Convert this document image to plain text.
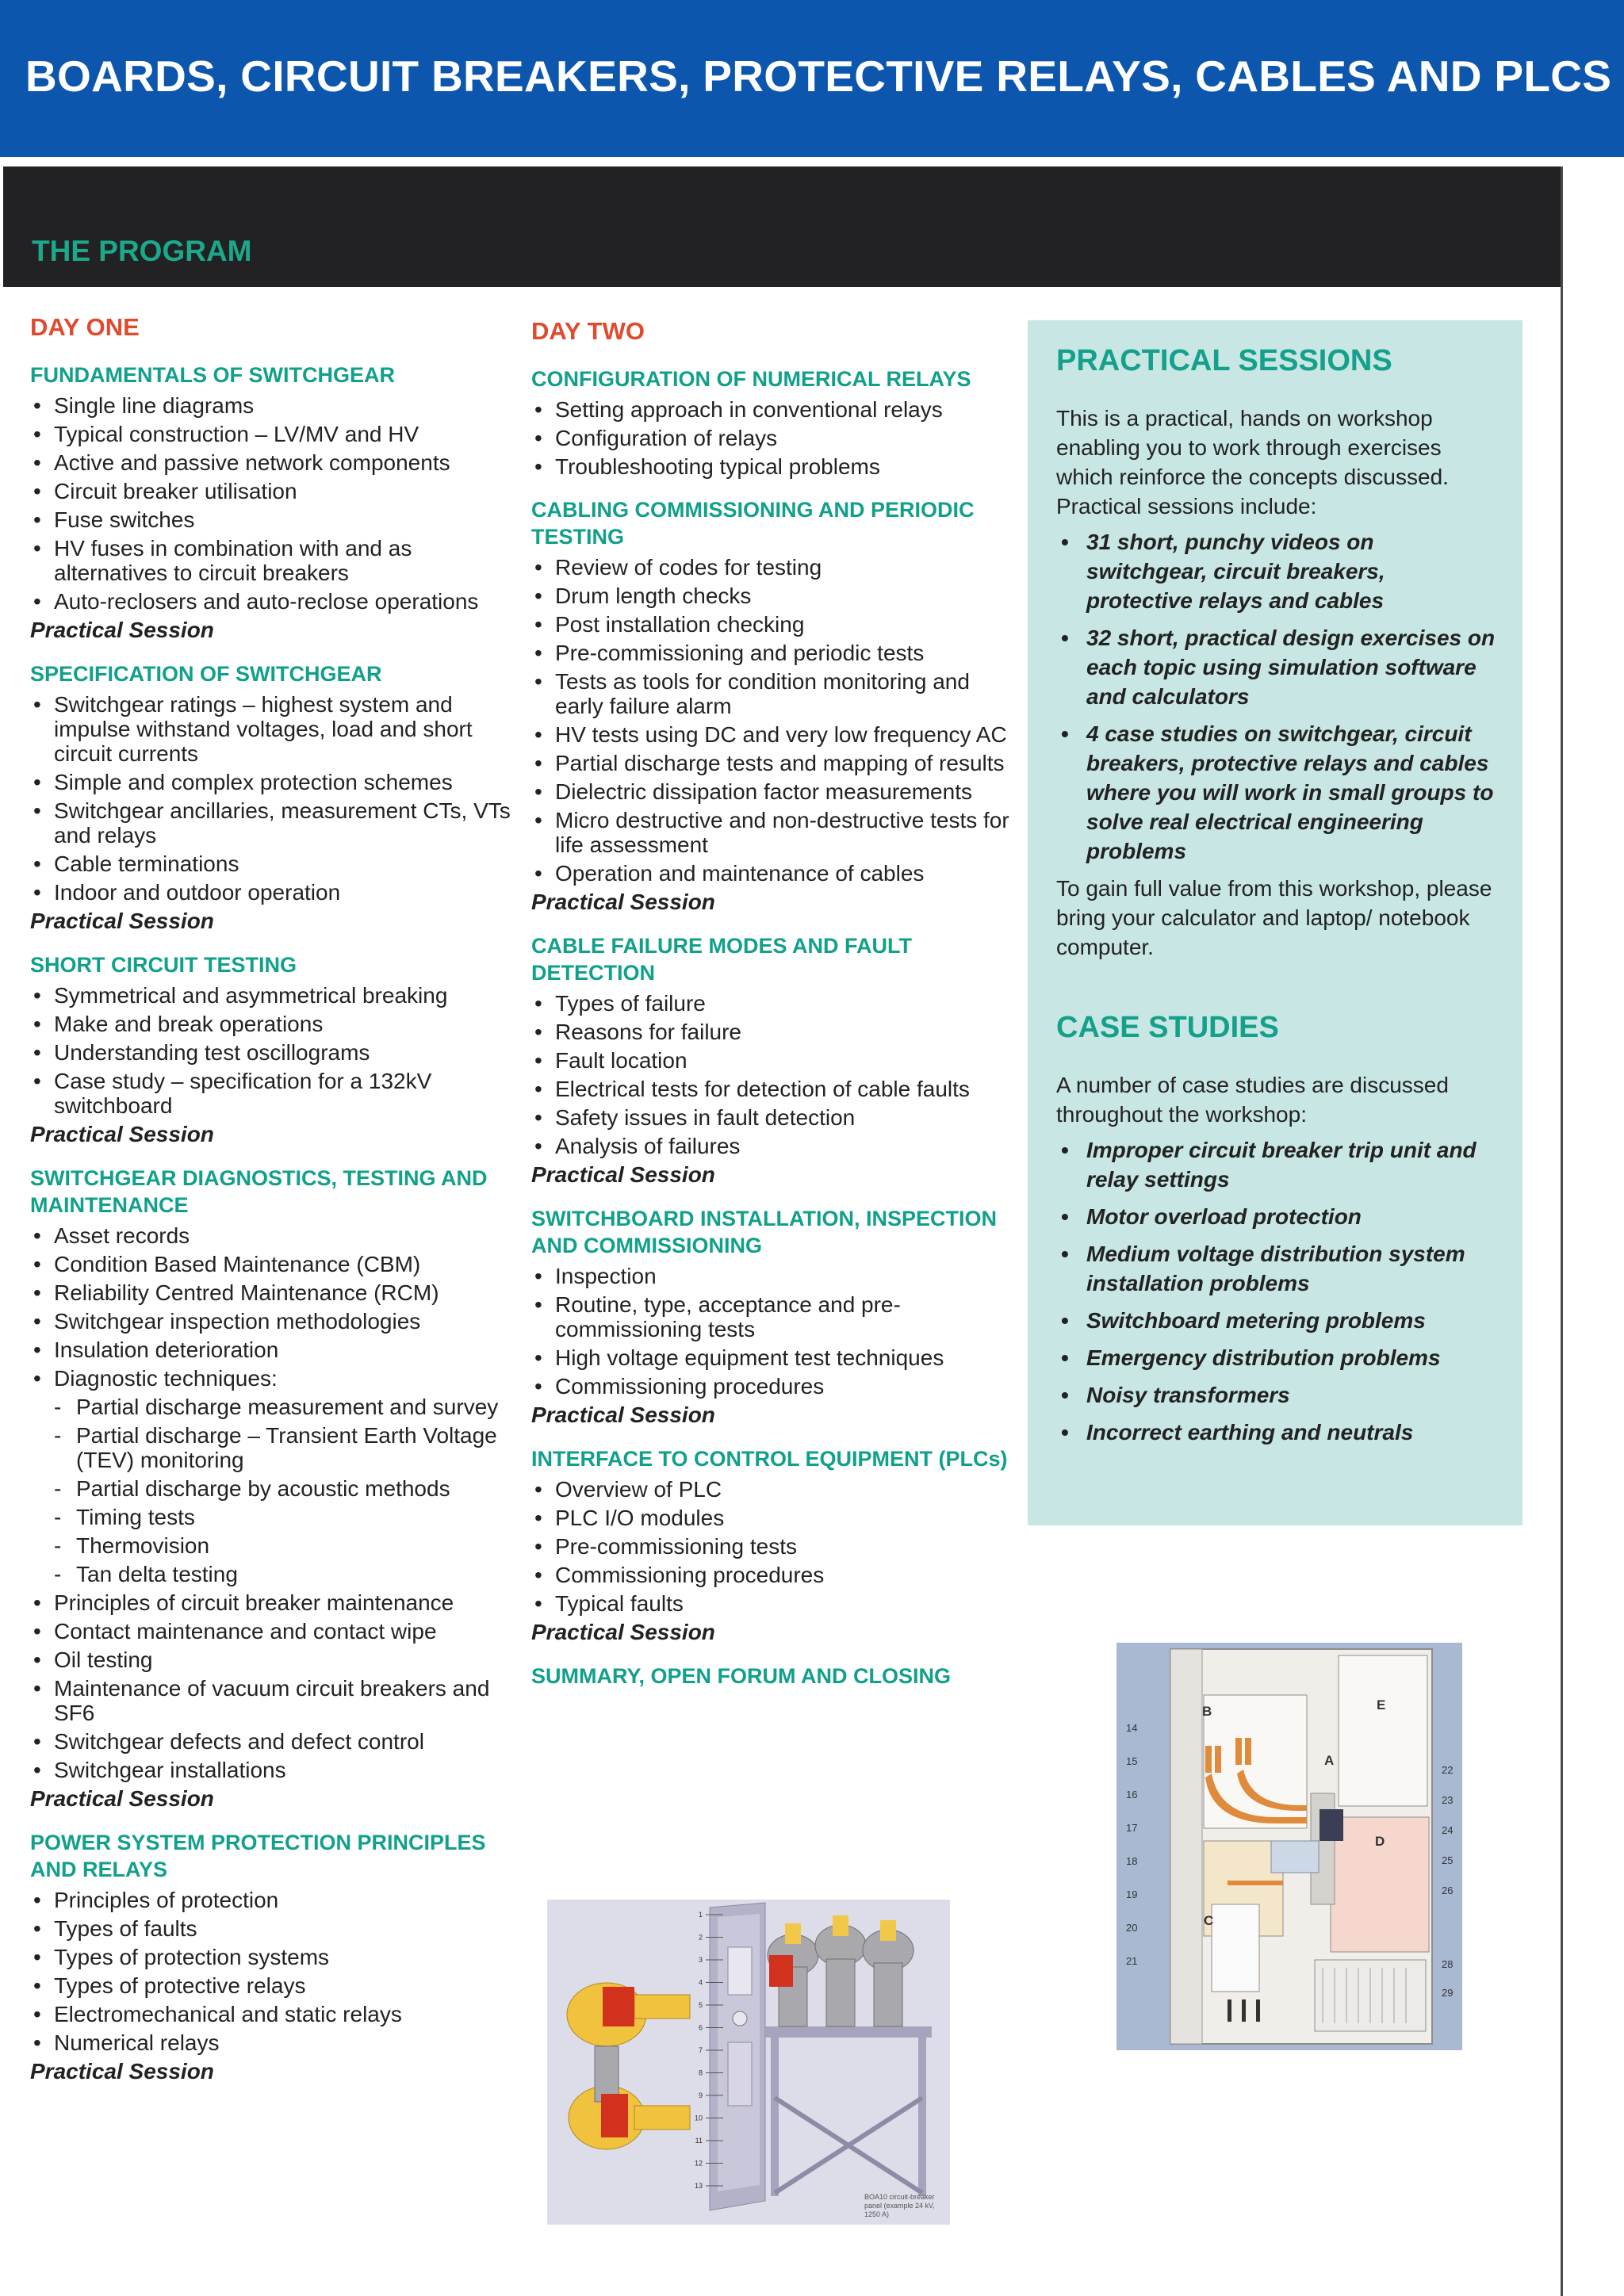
BOARDS, CIRCUIT BREAKERS, PROTECTIVE RELAYS, CABLES AND PLCS
THE PROGRAM
DAY ONE
FUNDAMENTALS OF SWITCHGEAR
• Single line diagrams
• Typical construction – LV/MV and HV
• Active and passive network components
• Circuit breaker utilisation
• Fuse switches
• HV fuses in combination with and as alternatives to circuit breakers
• Auto-reclosers and auto-reclose operations
Practical Session
SPECIFICATION OF SWITCHGEAR
• Switchgear ratings – highest system and impulse withstand voltages, load and short circuit currents
• Simple and complex protection schemes
• Switchgear ancillaries, measurement CTs, VTs and relays
• Cable terminations
• Indoor and outdoor operation
Practical Session
SHORT CIRCUIT TESTING
• Symmetrical and asymmetrical breaking
• Make and break operations
• Understanding test oscillograms
• Case study – specification for a 132kV switchboard
Practical Session
SWITCHGEAR DIAGNOSTICS, TESTING AND MAINTENANCE
• Asset records
• Condition Based Maintenance (CBM)
• Reliability Centred Maintenance (RCM)
• Switchgear inspection methodologies
• Insulation deterioration
• Diagnostic techniques:
- Partial discharge measurement and survey
- Partial discharge – Transient Earth Voltage (TEV) monitoring
- Partial discharge by acoustic methods
- Timing tests
- Thermovision
- Tan delta testing
• Principles of circuit breaker maintenance
• Contact maintenance and contact wipe
• Oil testing
• Maintenance of vacuum circuit breakers and SF6
• Switchgear defects and defect control
• Switchgear installations
Practical Session
POWER SYSTEM PROTECTION PRINCIPLES AND RELAYS
• Principles of protection
• Types of faults
• Types of protection systems
• Types of protective relays
• Electromechanical and static relays
• Numerical relays
Practical Session
DAY TWO
CONFIGURATION OF NUMERICAL RELAYS
• Setting approach in conventional relays
• Configuration of relays
• Troubleshooting typical problems
CABLING COMMISSIONING AND PERIODIC TESTING
• Review of codes for testing
• Drum length checks
• Post installation checking
• Pre-commissioning and periodic tests
• Tests as tools for condition monitoring and early failure alarm
• HV tests using DC and very low frequency AC
• Partial discharge tests and mapping of results
• Dielectric dissipation factor measurements
• Micro destructive and non-destructive tests for life assessment
• Operation and maintenance of cables
Practical Session
CABLE FAILURE MODES AND FAULT DETECTION
• Types of failure
• Reasons for failure
• Fault location
• Electrical tests for detection of cable faults
• Safety issues in fault detection
• Analysis of failures
Practical Session
SWITCHBOARD INSTALLATION, INSPECTION AND COMMISSIONING
• Inspection
• Routine, type, acceptance and pre-commissioning tests
• High voltage equipment test techniques
• Commissioning procedures
Practical Session
INTERFACE TO CONTROL EQUIPMENT (PLCs)
• Overview of PLC
• PLC I/O modules
• Pre-commissioning tests
• Commissioning procedures
• Typical faults
Practical Session
SUMMARY, OPEN FORUM AND CLOSING
PRACTICAL SESSIONS

This is a practical, hands on workshop enabling you to work through exercises which reinforce the concepts discussed. Practical sessions include:

• 31 short, punchy videos on switchgear, circuit breakers, protective relays and cables
• 32 short, practical design exercises on each topic using simulation software and calculators
• 4 case studies on switchgear, circuit breakers, protective relays and cables where you will work in small groups to solve real electrical engineering problems

To gain full value from this workshop, please bring your calculator and laptop/ notebook computer.

CASE STUDIES

A number of case studies are discussed throughout the workshop:

• Improper circuit breaker trip unit and relay settings
• Motor overload protection
• Medium voltage distribution system installation problems
• Switchboard metering problems
• Emergency distribution problems
• Noisy transformers
• Incorrect earthing and neutrals
1
2
3
4
5
6
7
8
9
10
11
12
13
BOA10 circuit-breaker
panel (example 24 kV,
1250 A)
14
15
16
17
18
19
20
21
22
23
24
25
26
28
29
A
B
C
D
E
